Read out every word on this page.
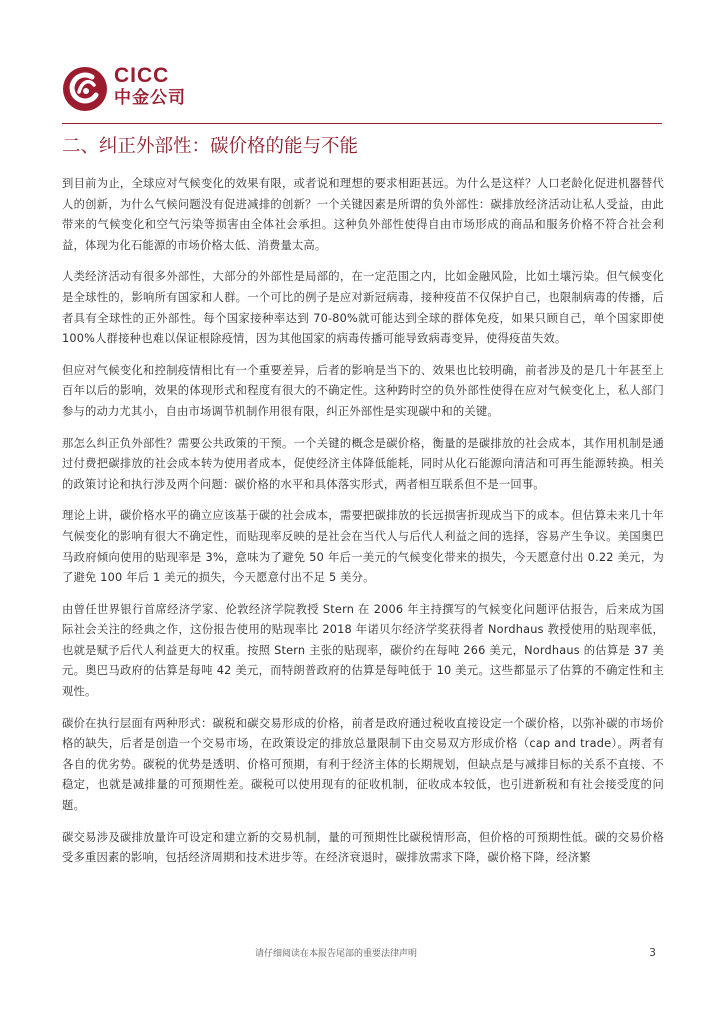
CICC
中金公司
二、纠正外部性：碳价格的能与不能

到目前为止，全球应对气候变化的效果有限，或者说和理想的要求相距甚远。为什么是这样？人口老龄化促进机器替代人的创新，为什么气候问题没有促进减排的创新？一个关键因素是所谓的负外部性：碳排放经济活动让私人受益，由此带来的气候变化和空气污染等损害由全体社会承担。这种负外部性使得自由市场形成的商品和服务价格不符合社会利益，体现为化石能源的市场价格太低、消费量太高。

人类经济活动有很多外部性，大部分的外部性是局部的，在一定范围之内，比如金融风险，比如土壤污染。但气候变化是全球性的，影响所有国家和人群。一个可比的例子是应对新冠病毒，接种疫苗不仅保护自己，也限制病毒的传播，后者具有全球性的正外部性。每个国家接种率达到 70-80%就可能达到全球的群体免疫，如果只顾自己，单个国家即使 100%人群接种也难以保证根除疫情，因为其他国家的病毒传播可能导致病毒变异，使得疫苗失效。

但应对气候变化和控制疫情相比有一个重要差异，后者的影响是当下的、效果也比较明确，前者涉及的是几十年甚至上百年以后的影响，效果的体现形式和程度有很大的不确定性。这种跨时空的负外部性使得在应对气候变化上，私人部门参与的动力尤其小，自由市场调节机制作用很有限，纠正外部性是实现碳中和的关键。

那怎么纠正负外部性？需要公共政策的干预。一个关键的概念是碳价格，衡量的是碳排放的社会成本，其作用机制是通过付费把碳排放的社会成本转为使用者成本，促使经济主体降低能耗，同时从化石能源向清洁和可再生能源转换。相关的政策讨论和执行涉及两个问题：碳价格的水平和具体落实形式，两者相互联系但不是一回事。

理论上讲，碳价格水平的确立应该基于碳的社会成本，需要把碳排放的长远损害折现成当下的成本。但估算未来几十年气候变化的影响有很大不确定性，而贴现率反映的是社会在当代人与后代人利益之间的选择，容易产生争议。美国奥巴马政府倾向使用的贴现率是 3%，意味为了避免 50 年后一美元的气候变化带来的损失，今天愿意付出 0.22 美元，为了避免 100 年后 1 美元的损失，今天愿意付出不足 5 美分。

由曾任世界银行首席经济学家、伦敦经济学院教授 Stern 在 2006 年主持撰写的气候变化问题评估报告，后来成为国际社会关注的经典之作，这份报告使用的贴现率比 2018 年诺贝尔经济学奖获得者 Nordhaus 教授使用的贴现率低，也就是赋予后代人利益更大的权重。按照 Stern 主张的贴现率，碳价约在每吨 266 美元，Nordhaus 的估算是 37 美元。奥巴马政府的估算是每吨 42 美元，而特朗普政府的估算是每吨低于 10 美元。这些都显示了估算的不确定性和主观性。

碳价在执行层面有两种形式：碳税和碳交易形成的价格，前者是政府通过税收直接设定一个碳价格，以弥补碳的市场价格的缺失，后者是创造一个交易市场，在政策设定的排放总量限制下由交易双方形成价格（cap and trade）。两者有各自的优劣势。碳税的优势是透明、价格可预期，有利于经济主体的长期规划，但缺点是与减排目标的关系不直接、不稳定，也就是减排量的可预期性差。碳税可以使用现有的征收机制，征收成本较低，也引进新税和有社会接受度的问题。

碳交易涉及碳排放量许可设定和建立新的交易机制，量的可预期性比碳税情形高，但价格的可预期性低。碳的交易价格受多重因素的影响，包括经济周期和技术进步等。在经济衰退时，碳排放需求下降，碳价格下降，经济繁

请仔细阅读在本报告尾部的重要法律声明	3
